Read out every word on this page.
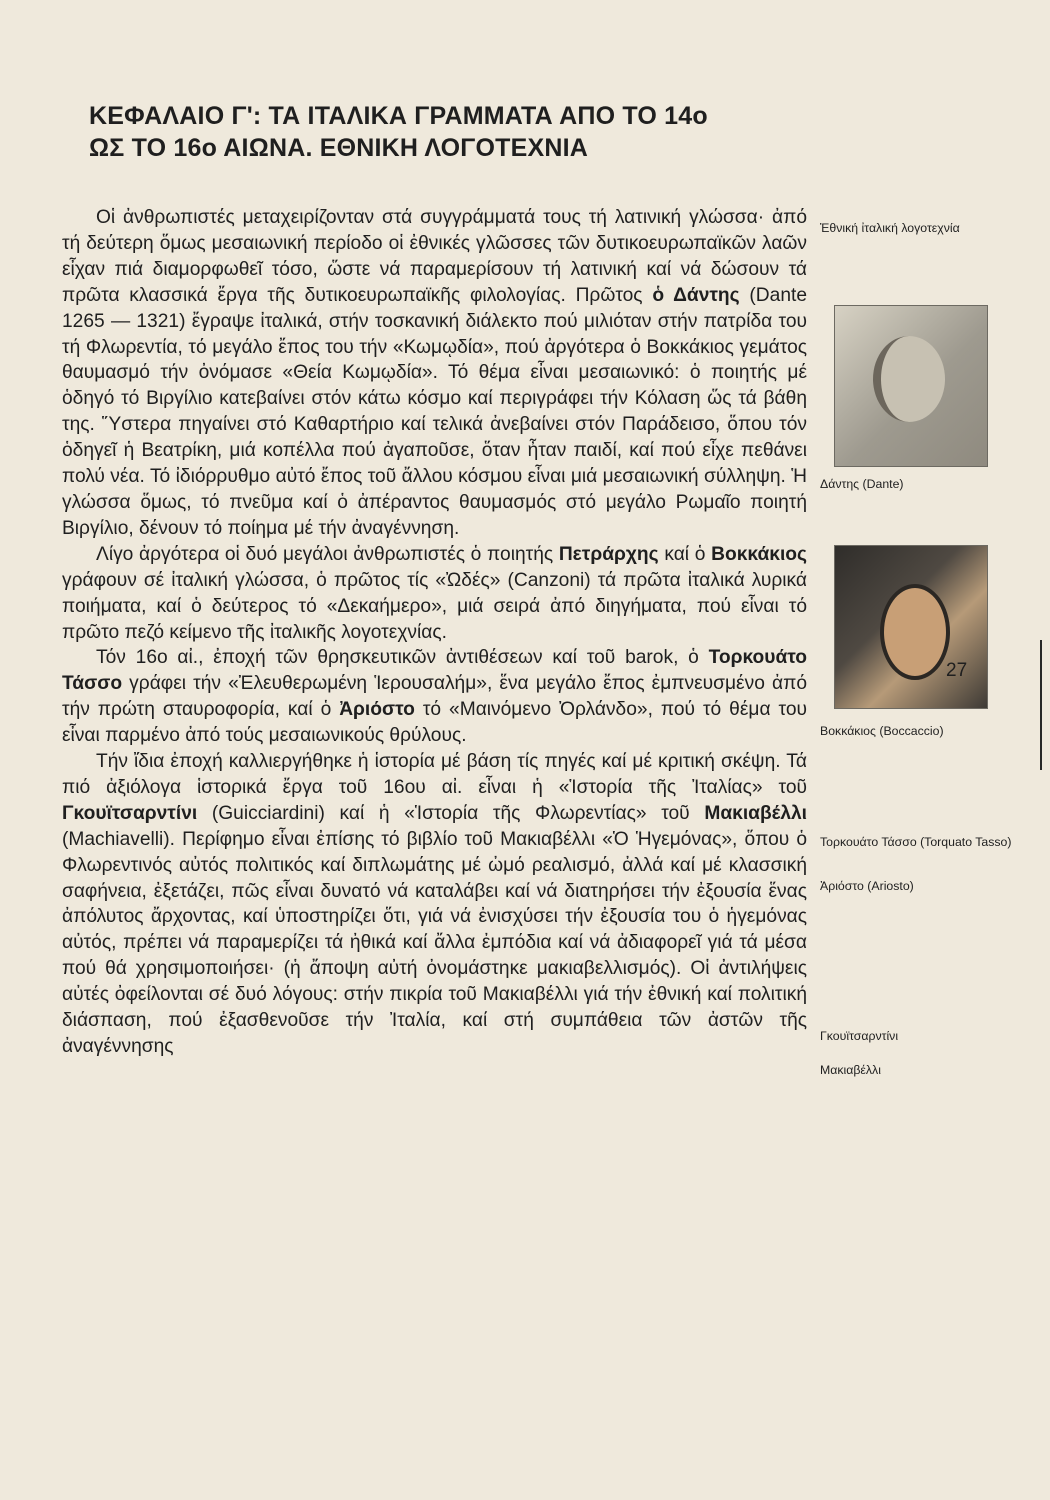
ΚΕΦΑΛΑΙΟ Γ': ΤΑ ΙΤΑΛΙΚΑ ΓΡΑΜΜΑΤΑ ΑΠΟ ΤΟ 14ο
ΩΣ ΤΟ 16ο ΑΙΩΝΑ. ΕΘΝΙΚΗ ΛΟΓΟΤΕΧΝΙΑ

Οἱ ἀνθρωπιστές μεταχειρίζονταν στά συγγράμματά τους τή λατινική γλώσσα· ἀπό τή δεύτερη ὅμως μεσαιωνική περίοδο οἱ ἐθνικές γλῶσσες τῶν δυτικοευρωπαϊκῶν λαῶν εἶχαν πιά διαμορφωθεῖ τόσο, ὥστε νά παραμερίσουν τή λατινική καί νά δώσουν τά πρῶτα κλασσικά ἔργα τῆς δυτικοευρωπαϊκῆς φιλολογίας. Πρῶτος ὁ Δάντης (Dante 1265 — 1321) ἔγραψε ἰταλικά, στήν τοσκανική διάλεκτο πού μιλιόταν στήν πατρίδα του τή Φλωρεντία, τό μεγάλο ἔπος του τήν «Κωμῳδία», πού ἀργότερα ὁ Βοκκάκιος γεμάτος θαυμασμό τήν ὀνόμασε «Θεία Κωμῳδία». Τό θέμα εἶναι μεσαιωνικό: ὁ ποιητής μέ ὁδηγό τό Βιργίλιο κατεβαίνει στόν κάτω κόσμο καί περιγράφει τήν Κόλαση ὥς τά βάθη της. Ὕστερα πηγαίνει στό Καθαρτήριο καί τελικά ἀνεβαίνει στόν Παράδεισο, ὅπου τόν ὁδηγεῖ ἡ Βεατρίκη, μιά κοπέλλα πού ἀγαποῦσε, ὅταν ἦταν παιδί, καί πού εἶχε πεθάνει πολύ νέα. Τό ἰδιόρρυθμο αὐτό ἔπος τοῦ ἄλλου κόσμου εἶναι μιά μεσαιωνική σύλληψη. Ἡ γλώσσα ὅμως, τό πνεῦμα καί ὁ ἀπέραντος θαυμασμός στό μεγάλο Ρωμαῖο ποιητή Βιργίλιο, δένουν τό ποίημα μέ τήν ἀναγέννηση.

Λίγο ἀργότερα οἱ δυό μεγάλοι ἀνθρωπιστές ὁ ποιητής Πετράρχης καί ὁ Βοκκάκιος γράφουν σέ ἰταλική γλώσσα, ὁ πρῶτος τίς «Ὠδές» (Canzoni) τά πρῶτα ἰταλικά λυρικά ποιήματα, καί ὁ δεύτερος τό «Δεκαήμερο», μιά σειρά ἀπό διηγήματα, πού εἶναι τό πρῶτο πεζό κείμενο τῆς ἰταλικῆς λογοτεχνίας.

Τόν 16ο αἰ., ἐποχή τῶν θρησκευτικῶν ἀντιθέσεων καί τοῦ barok, ὁ Τορκουάτο Τάσσο γράφει τήν «Ἐλευθερωμένη Ἱερουσαλήμ», ἕνα μεγάλο ἔπος ἐμπνευσμένο ἀπό τήν πρώτη σταυροφορία, καί ὁ Ἀριόστο τό «Μαινόμενο Ὀρλάνδο», πού τό θέμα του εἶναι παρμένο ἀπό τούς μεσαιωνικούς θρύλους.

Τήν ἴδια ἐποχή καλλιεργήθηκε ἡ ἱστορία μέ βάση τίς πηγές καί μέ κριτική σκέψη. Τά πιό ἀξιόλογα ἱστορικά ἔργα τοῦ 16ου αἰ. εἶναι ἡ «Ἱστορία τῆς Ἰταλίας» τοῦ Γκουϊτσαρντίνι (Guicciardini) καί ἡ «Ἱστορία τῆς Φλωρεντίας» τοῦ Μακιαβέλλι (Machiavelli). Περίφημο εἶναι ἐπίσης τό βιβλίο τοῦ Μακιαβέλλι «Ὁ Ἡγεμόνας», ὅπου ὁ Φλωρεντινός αὐτός πολιτικός καί διπλωμάτης μέ ὠμό ρεαλισμό, ἀλλά καί μέ κλασσική σαφήνεια, ἐξετάζει, πῶς εἶναι δυνατό νά καταλάβει καί νά διατηρήσει τήν ἐξουσία ἕνας ἀπόλυτος ἄρχοντας, καί ὑποστηρίζει ὅτι, γιά νά ἐνισχύσει τήν ἐξουσία του ὁ ἡγεμόνας αὐτός, πρέπει νά παραμερίζει τά ἠθικά καί ἄλλα ἐμπόδια καί νά ἀδιαφορεῖ γιά τά μέσα πού θά χρησιμοποιήσει· (ἡ ἄποψη αὐτή ὀνομάστηκε μακιαβελλισμός). Οἱ ἀντιλήψεις αὐτές ὀφείλονται σέ δυό λόγους: στήν πικρία τοῦ Μακιαβέλλι γιά τήν ἐθνική καί πολιτική διάσπαση, πού ἐξασθενοῦσε τήν Ἰταλία, καί στή συμπάθεια τῶν ἀστῶν τῆς ἀναγέννησης

Ἐθνική ἰταλική λογοτεχνία
Δάντης (Dante)
Βοκκάκιος (Boccaccio)
Τορκουάτο Τάσσο (Torquato Tasso)
Ἀριόστο (Ariosto)
Γκουϊτσαρντίνι
Μακιαβέλλι
27
